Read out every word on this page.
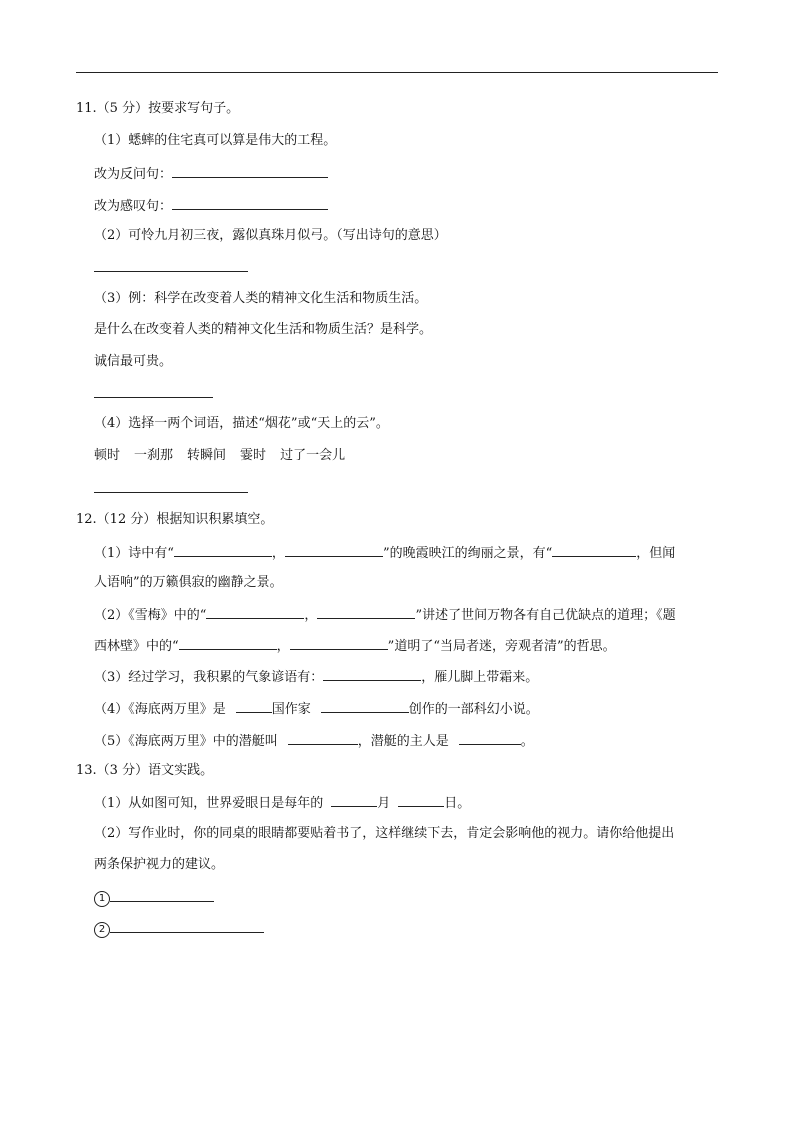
11.（5 分）按要求写句子。
（1）蟋蟀的住宅真可以算是伟大的工程。
改为反问句：
改为感叹句：
（2）可怜九月初三夜，露似真珠月似弓。（写出诗句的意思）
（3）例：科学在改变着人类的精神文化生活和物质生活。
是什么在改变着人类的精神文化生活和物质生活？是科学。
诚信最可贵。
（4）选择一两个词语，描述“烟花”或“天上的云”。
顿时 一刹那 转瞬间 霎时 过了一会儿
12.（12 分）根据知识积累填空。
（1）诗中有“	，	”的晚霞映江的绚丽之景，有“	，但闻
人语响”的万籁俱寂的幽静之景。
（2）《雪梅》中的“	，	”讲述了世间万物各有自己优缺点的道理；《题
西林壁》中的“	，	”道明了“当局者迷，旁观者清”的哲思。
（3）经过学习，我积累的气象谚语有：	，雁儿脚上带霜来。
（4）《海底两万里》是	国作家	创作的一部科幻小说。
（5）《海底两万里》中的潜艇叫	，潜艇的主人是	。
13.（3 分）语文实践。
（1）从如图可知，世界爱眼日是每年的	月	日。
（2）写作业时，你的同桌的眼睛都要贴着书了，这样继续下去，肯定会影响他的视力。请你给他提出
两条保护视力的建议。
1
2
